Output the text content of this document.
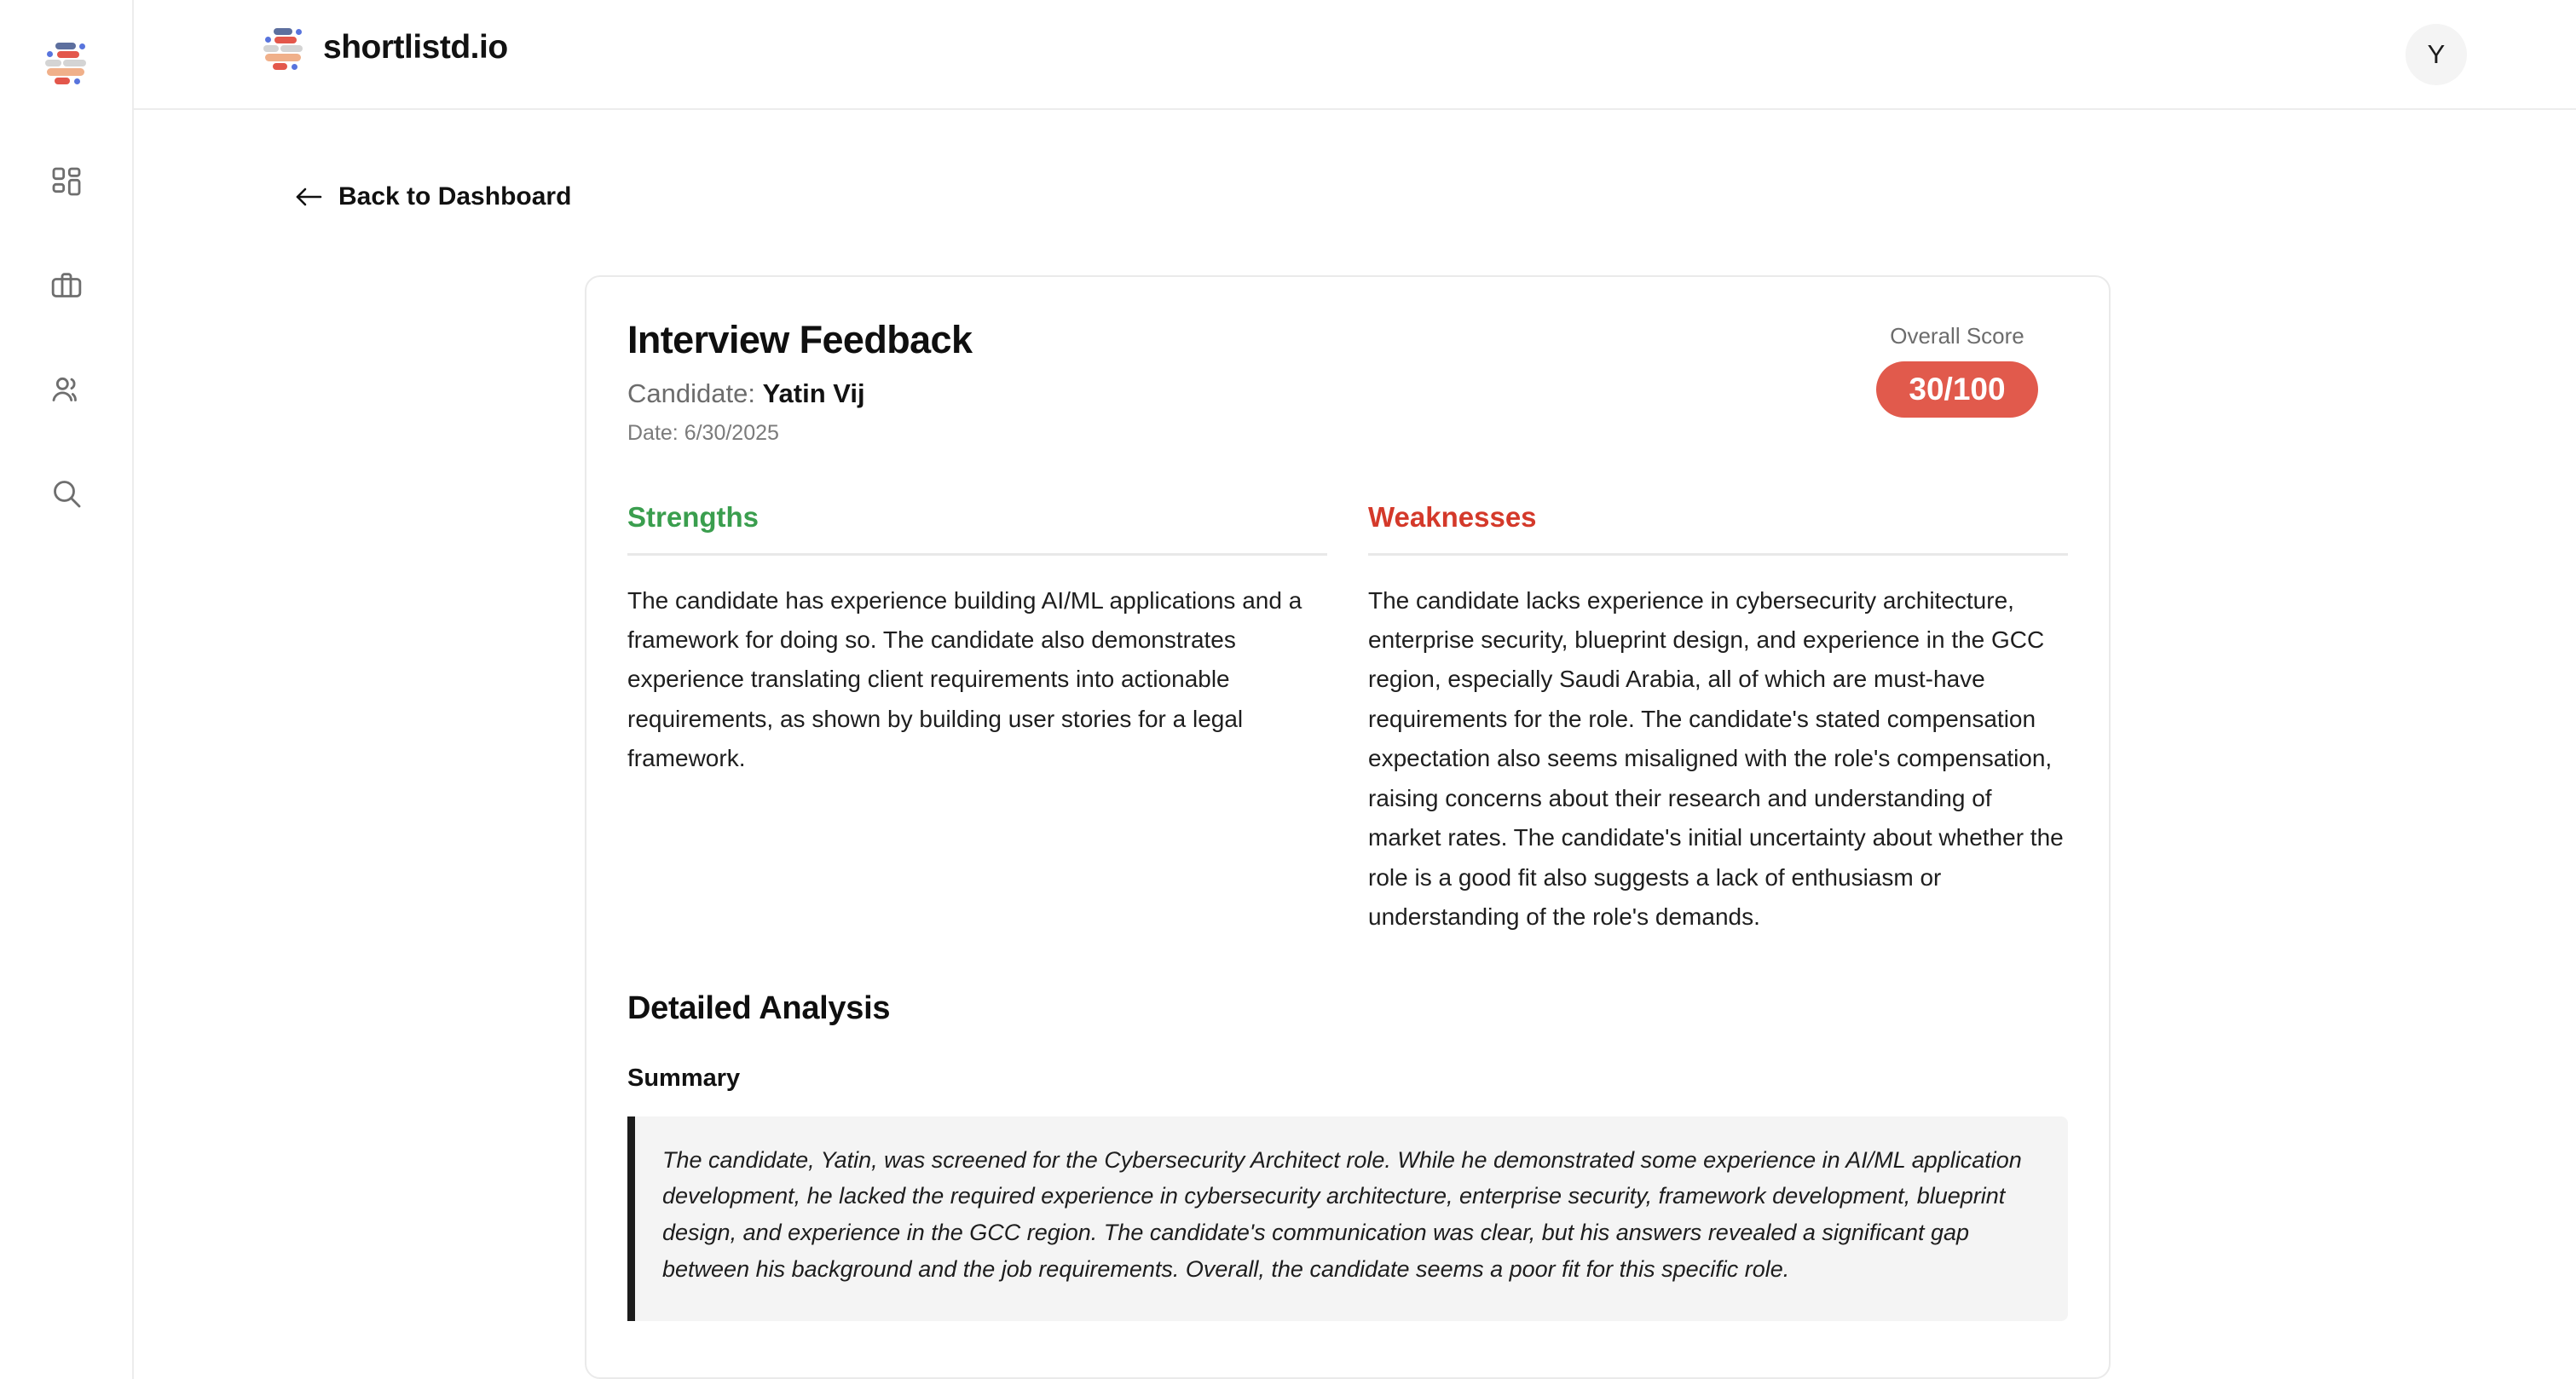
shortlistd.io	Y
Back to Dashboard
Interview Feedback
Candidate: Yatin Vij
Date: 6/30/2025
Overall Score
30/100
Strengths
The candidate has experience building AI/ML applications and a framework for doing so. The candidate also demonstrates experience translating client requirements into actionable requirements, as shown by building user stories for a legal framework.
Weaknesses
The candidate lacks experience in cybersecurity architecture, enterprise security, blueprint design, and experience in the GCC region, especially Saudi Arabia, all of which are must-have requirements for the role. The candidate's stated compensation expectation also seems misaligned with the role's compensation, raising concerns about their research and understanding of market rates. The candidate's initial uncertainty about whether the role is a good fit also suggests a lack of enthusiasm or understanding of the role's demands.
Detailed Analysis
Summary
The candidate, Yatin, was screened for the Cybersecurity Architect role. While he demonstrated some experience in AI/ML application development, he lacked the required experience in cybersecurity architecture, enterprise security, framework development, blueprint design, and experience in the GCC region. The candidate's communication was clear, but his answers revealed a significant gap between his background and the job requirements. Overall, the candidate seems a poor fit for this specific role.
